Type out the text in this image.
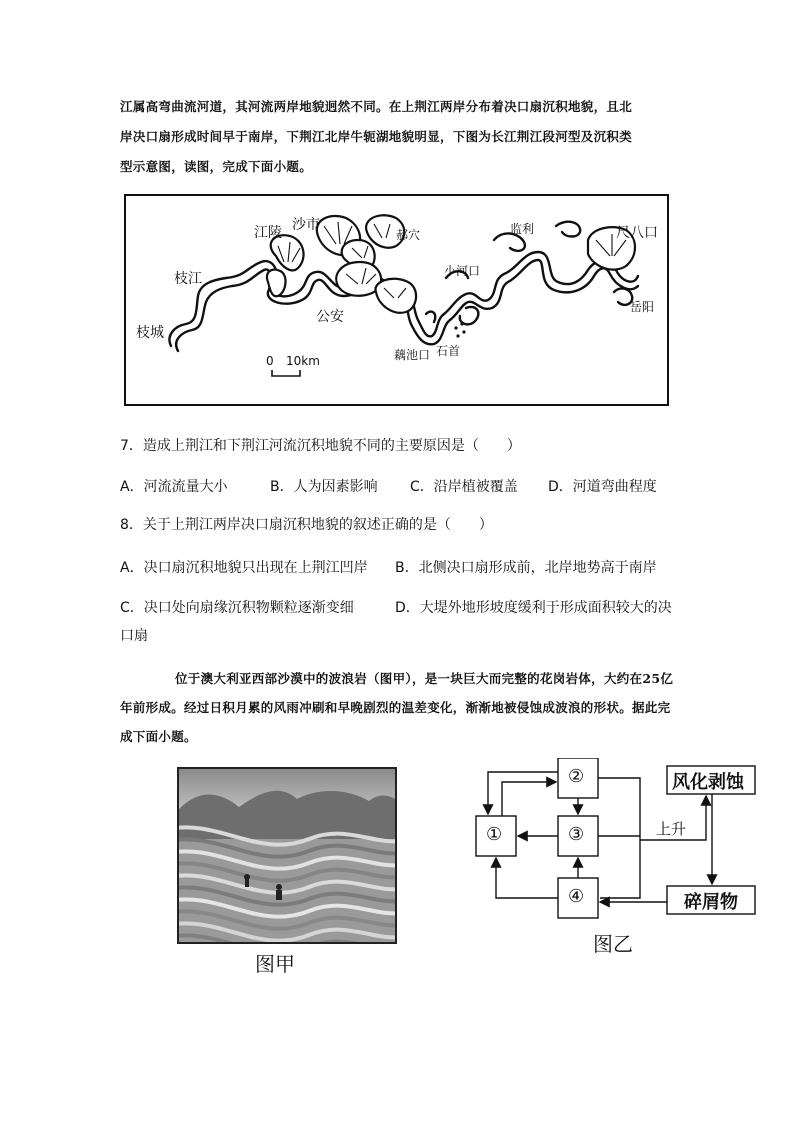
江属高弯曲流河道，其河流两岸地貌迥然不同。在上荆江两岸分布着决口扇沉积地貌，且北
岸决口扇形成时间早于南岸，下荆江北岸牛轭湖地貌明显，下图为长江荆江段河型及沉积类
型示意图，读图，完成下面小题。
枝城
枝江
江陵 沙市
公安
郝穴
小河口
藕池口 石首
监利	尺八口
岳阳
0 10km
7．造成上荆江和下荆江河流沉积地貌不同的主要原因是（　　）
A．河流流量大小	B．人为因素影响 C．沿岸植被覆盖 D．河道弯曲程度
8．关于上荆江两岸决口扇沉积地貌的叙述正确的是（　　）
A．决口扇沉积地貌只出现在上荆江凹岸 B．北侧决口扇形成前，北岸地势高于南岸
C．决口处向扇缘沉积物颗粒逐渐变细	D．大堤外地形坡度缓利于形成面积较大的决
口扇
位于澳大利亚西部沙漠中的波浪岩（图甲），是一块巨大而完整的花岗岩体，大约在25亿年前形成。经过日积月累的风雨冲刷和早晚剧烈的温差变化，渐渐地被侵蚀成波浪的形状。据此完成下面小题。
图甲
①
②
③
④
风化剥蚀
碎屑物
上升
图乙
